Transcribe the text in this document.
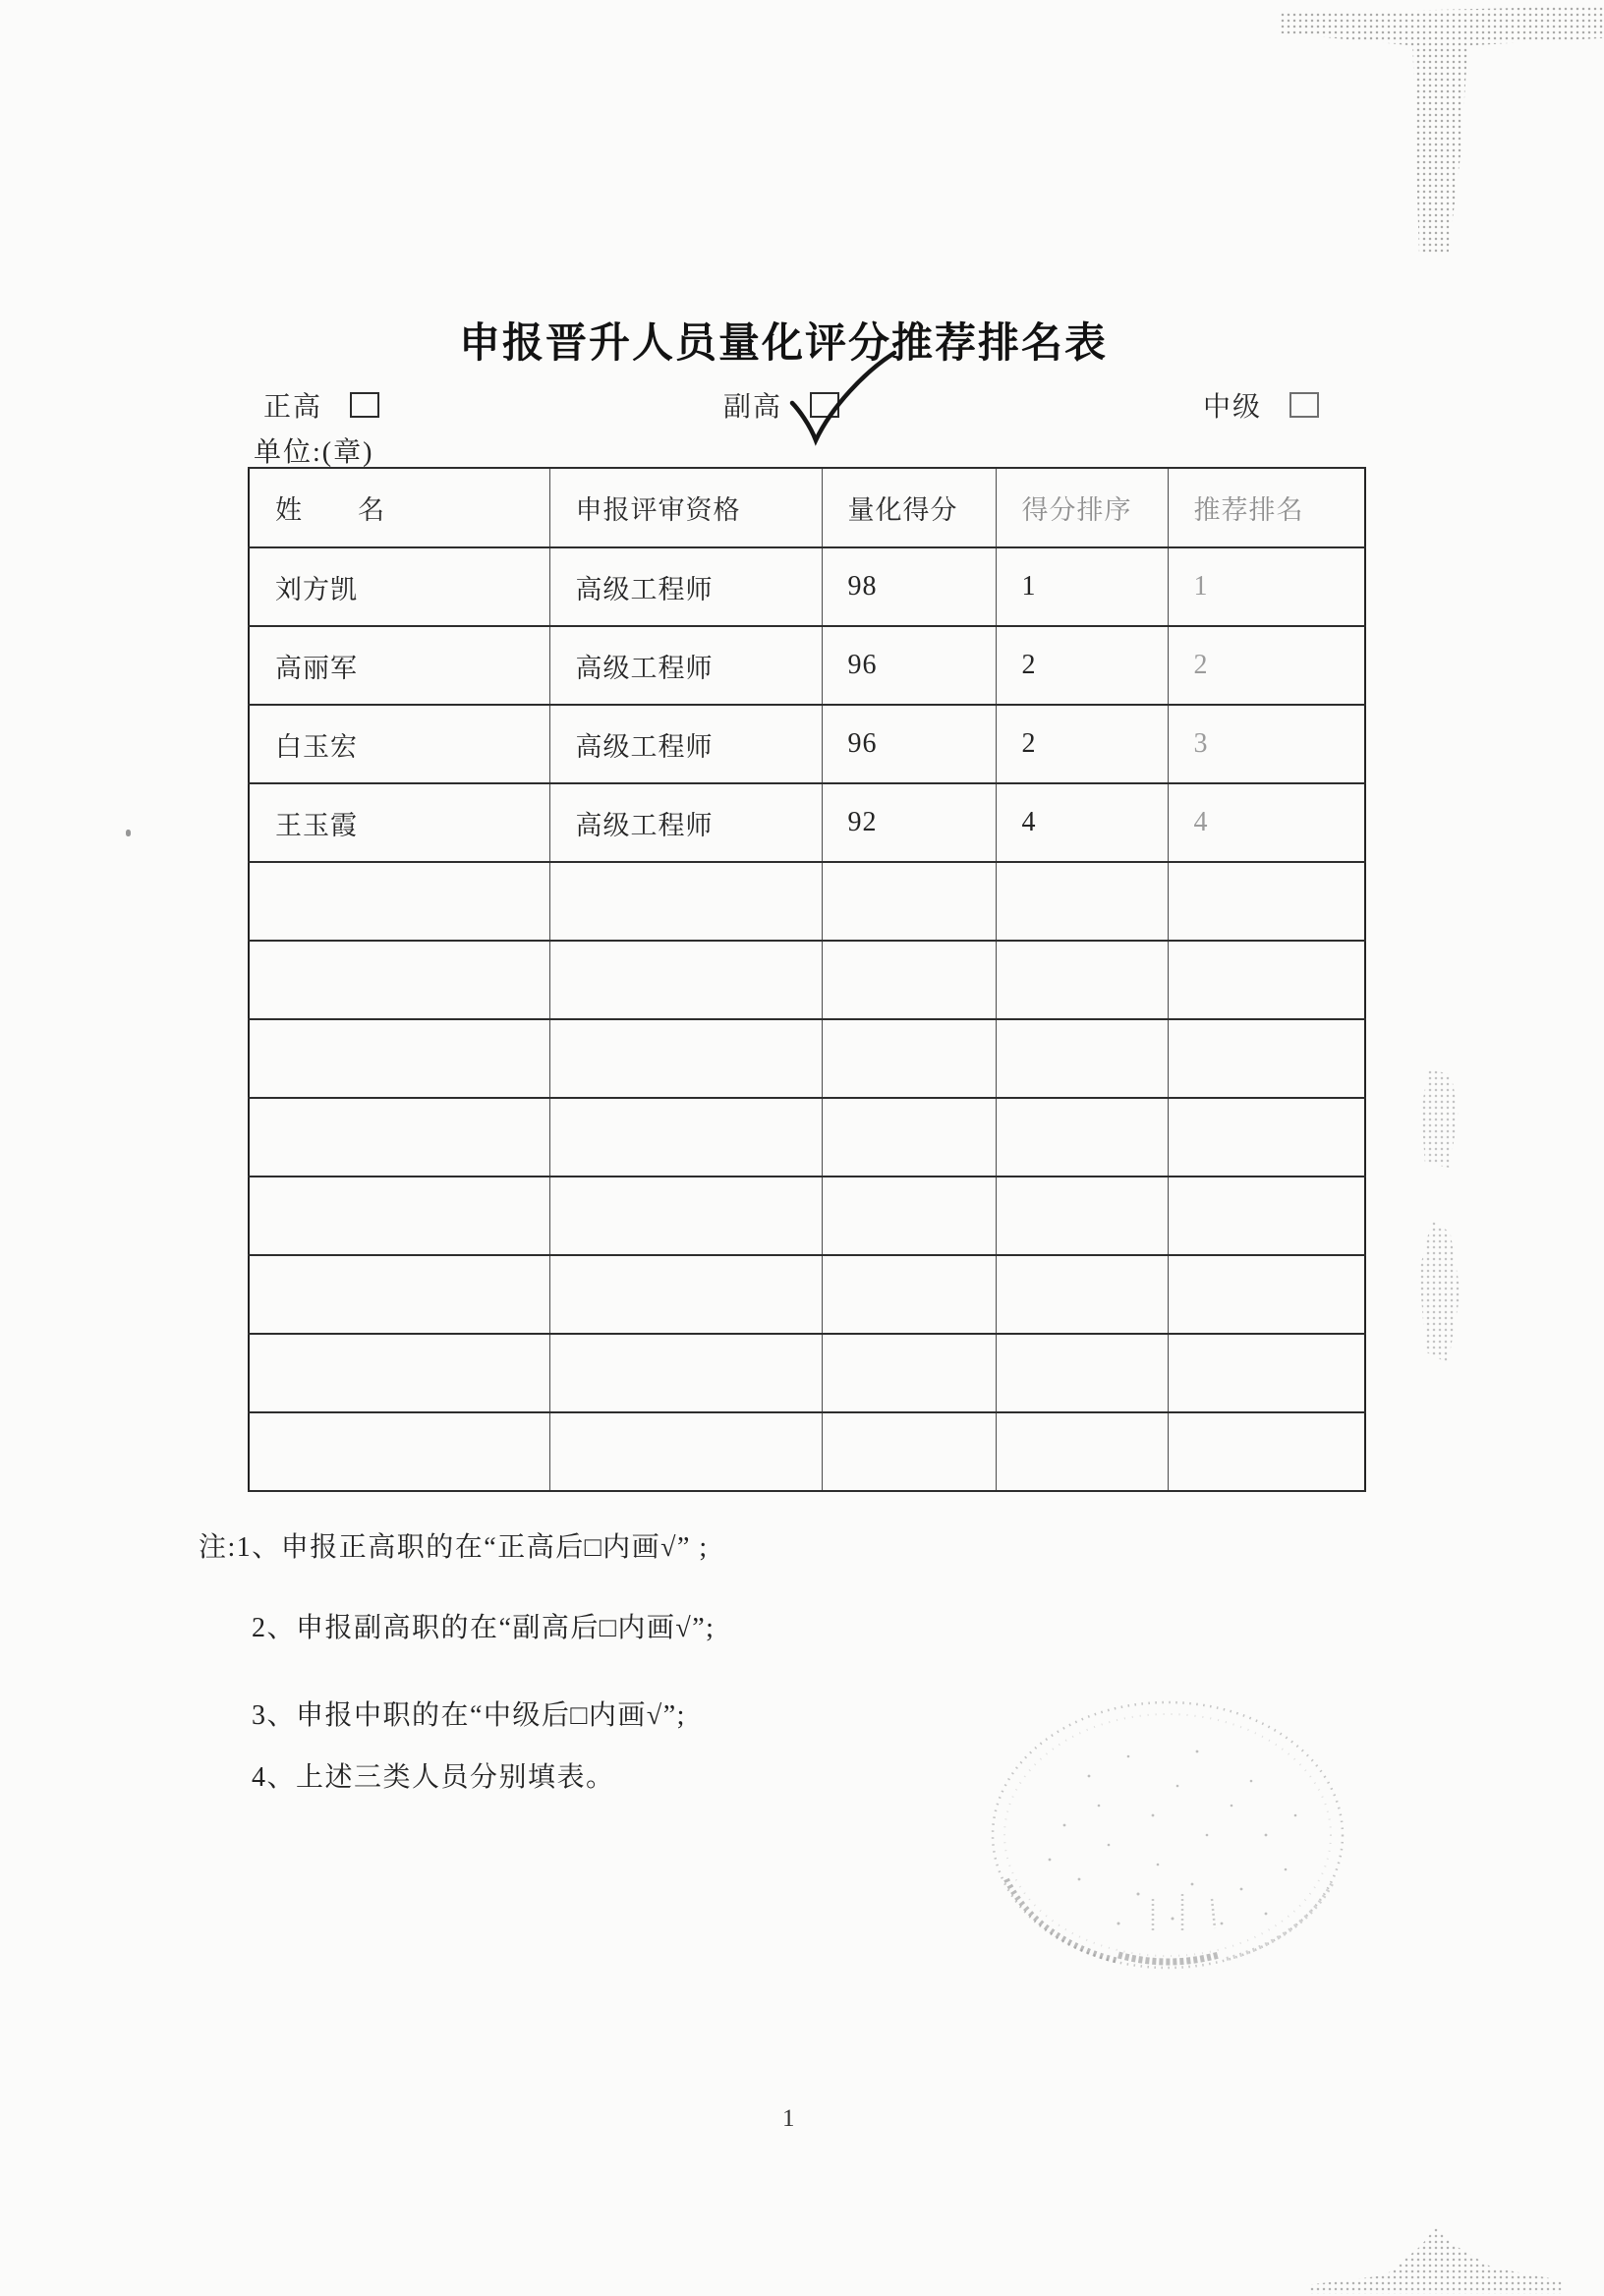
申报晋升人员量化评分推荐排名表
正高	副高	中级
单位:(章)
姓　　名	申报评审资格	量化得分	得分排序	推荐排名
刘方凯	高级工程师	98	1	1
高丽军	高级工程师	96	2	2
白玉宏	高级工程师	96	2	3
王玉霞	高级工程师	92	4	4

注:1、申报正高职的在“正高后□内画√” ;
2、申报副高职的在“副高后□内画√”;
3、申报中职的在“中级后□内画√”;
4、上述三类人员分别填表。
1
